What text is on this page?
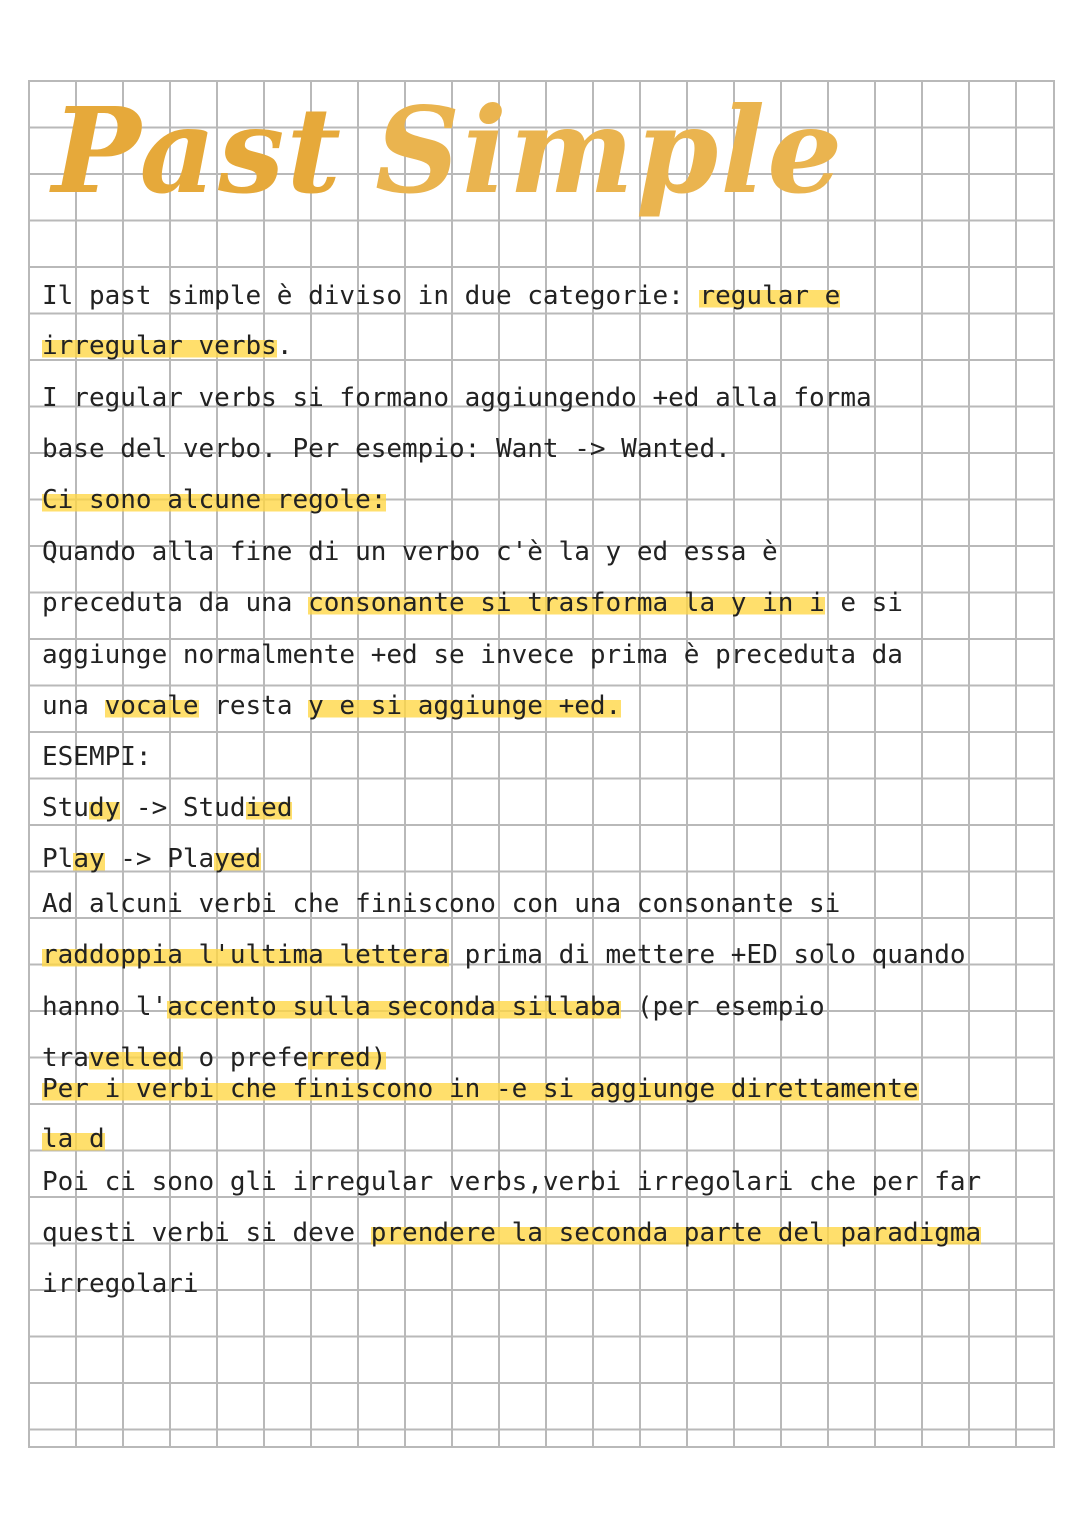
Past Simple

Il past simple è diviso in due categorie: regular e

irregular verbs.

I regular verbs si formano aggiungendo +ed alla forma

base del verbo. Per esempio: Want -> Wanted.

Ci sono alcune regole:

Quando alla fine di un verbo c'è la y ed essa è

preceduta da una consonante si trasforma la y in i e si

aggiunge normalmente +ed se invece prima è preceduta da

una vocale resta y e si aggiunge +ed.

ESEMPI:

Study -> Studied

Play -> Played

Ad alcuni verbi che finiscono con una consonante si

raddoppia l'ultima lettera prima di mettere +ED solo quando

hanno l'accento sulla seconda sillaba (per esempio

travelled o preferred)

Per i verbi che finiscono in -e si aggiunge direttamente

la d

Poi ci sono gli irregular verbs,verbi irregolari che per far

questi verbi si deve prendere la seconda parte del paradigma

irregolari
